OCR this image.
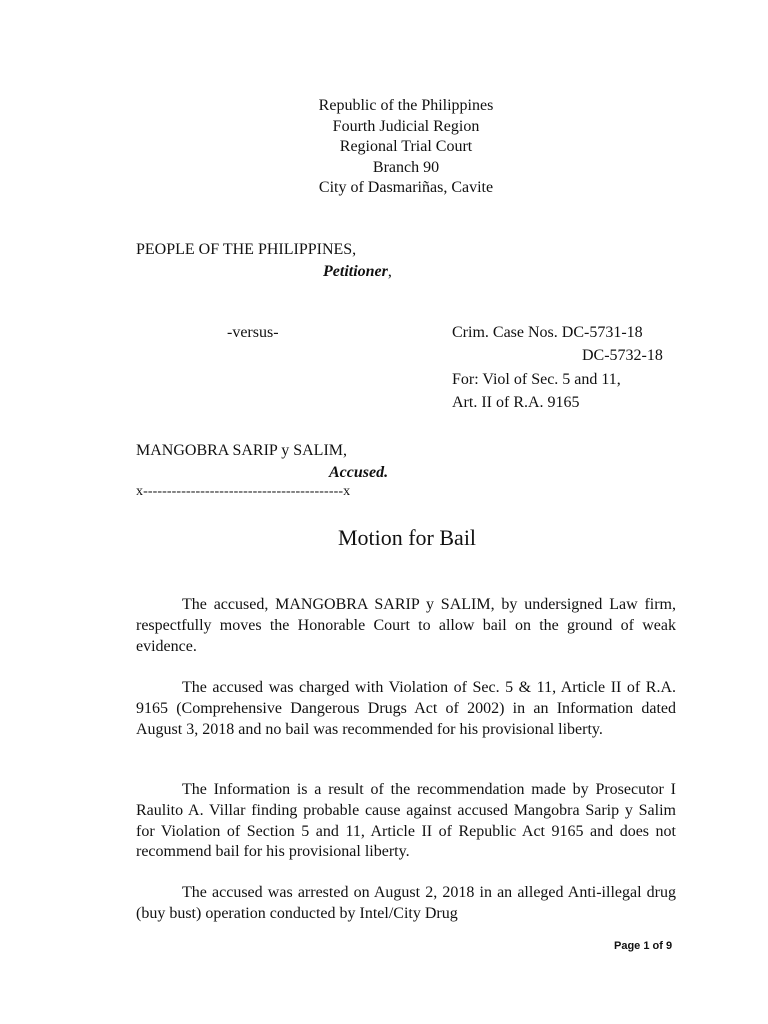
Republic of the Philippines
Fourth Judicial Region
Regional Trial Court
Branch 90
City of Dasmariñas, Cavite
PEOPLE OF THE PHILIPPINES,
Petitioner,
-versus-	Crim. Case Nos. DC-5731-18
DC-5732-18
For: Viol of Sec. 5 and 11,
Art. II of R.A. 9165
MANGOBRA SARIP y SALIM,
Accused.
x------------------------------------------x
Motion for Bail
The accused, MANGOBRA SARIP y SALIM, by undersigned Law firm, respectfully moves the Honorable Court to allow bail on the ground of weak evidence.
The accused was charged with Violation of Sec. 5 & 11, Article II of R.A. 9165 (Comprehensive Dangerous Drugs Act of 2002) in an Information dated August 3, 2018 and no bail was recommended for his provisional liberty.
The Information is a result of the recommendation made by Prosecutor I Raulito A. Villar finding probable cause against accused Mangobra Sarip y Salim for Violation of Section 5 and 11, Article II of Republic Act 9165 and does not recommend bail for his provisional liberty.
The accused was arrested on August 2, 2018 in an alleged Anti-illegal drug (buy bust) operation conducted by Intel/City Drug
Page 1 of 9
